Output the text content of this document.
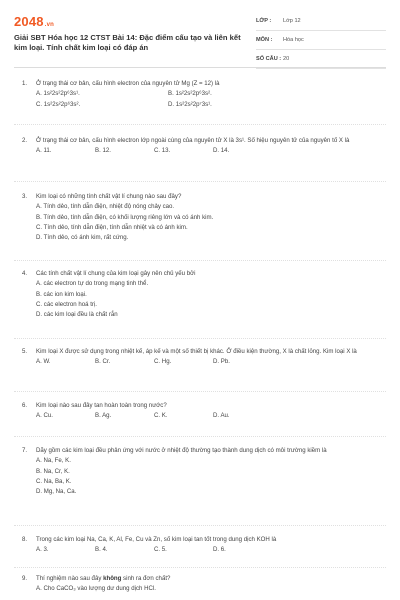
2048.vn
Giải SBT Hóa học 12 CTST Bài 14: Đặc điểm cấu tạo và liên kết kim loại. Tính chất kim loại có đáp án
LỚP :	Lớp 12
MÔN :	Hóa học
SỐ CÂU : 20
1.	Ở trạng thái cơ bản, cấu hình electron của nguyên tử Mg (Z = 12) là
A. 1s²2s²2p⁶3s¹.	B. 1s²2s²2p⁶3s².
C. 1s²2s²2p⁶3s².	D. 1s²2s²2p⁷3s¹.
2.	Ở trạng thái cơ bản, cấu hình electron lớp ngoài cùng của nguyên tử X là 3s¹. Số hiệu nguyên tử của nguyên tố X là
A. 11.	B. 12.	C. 13.	D. 14.
3.	Kim loại có những tính chất vật lí chung nào sau đây?
A. Tính dẻo, tính dẫn điện, nhiệt độ nóng chảy cao.
B. Tính dẻo, tính dẫn điện, có khối lượng riêng lớn và có ánh kim.
C. Tính dẻo, tính dẫn điện, tính dẫn nhiệt và có ánh kim.
D. Tính dẻo, có ánh kim, rất cứng.
4.	Các tính chất vật lí chung của kim loại gây nên chủ yếu bởi
A. các electron tự do trong mạng tinh thể.
B. các ion kim loại.
C. các electron hoá trị.
D. các kim loại đều là chất rắn
5.	Kim loại X được sử dụng trong nhiệt kế, áp kế và một số thiết bị khác. Ở điều kiện thường, X là chất lỏng. Kim loại X là
A. W.	B. Cr.	C. Hg.	D. Pb.
6.	Kim loại nào sau đây tan hoàn toàn trong nước?
A. Cu.	B. Ag.	C. K.	D. Au.
7.	Dãy gồm các kim loại đều phản ứng với nước ở nhiệt độ thường tạo thành dung dịch có môi trường kiềm là
A. Na, Fe, K.
B. Na, Cr, K.
C. Na, Ba, K.
D. Mg, Na, Ca.
8.	Trong các kim loại Na, Ca, K, Al, Fe, Cu và Zn, số kim loại tan tốt trong dung dịch KOH là
A. 3.	B. 4.	C. 5.	D. 6.
9.	Thí nghiệm nào sau đây không sinh ra đơn chất?
A. Cho CaCO₃ vào lượng dư dung dịch HCl.
